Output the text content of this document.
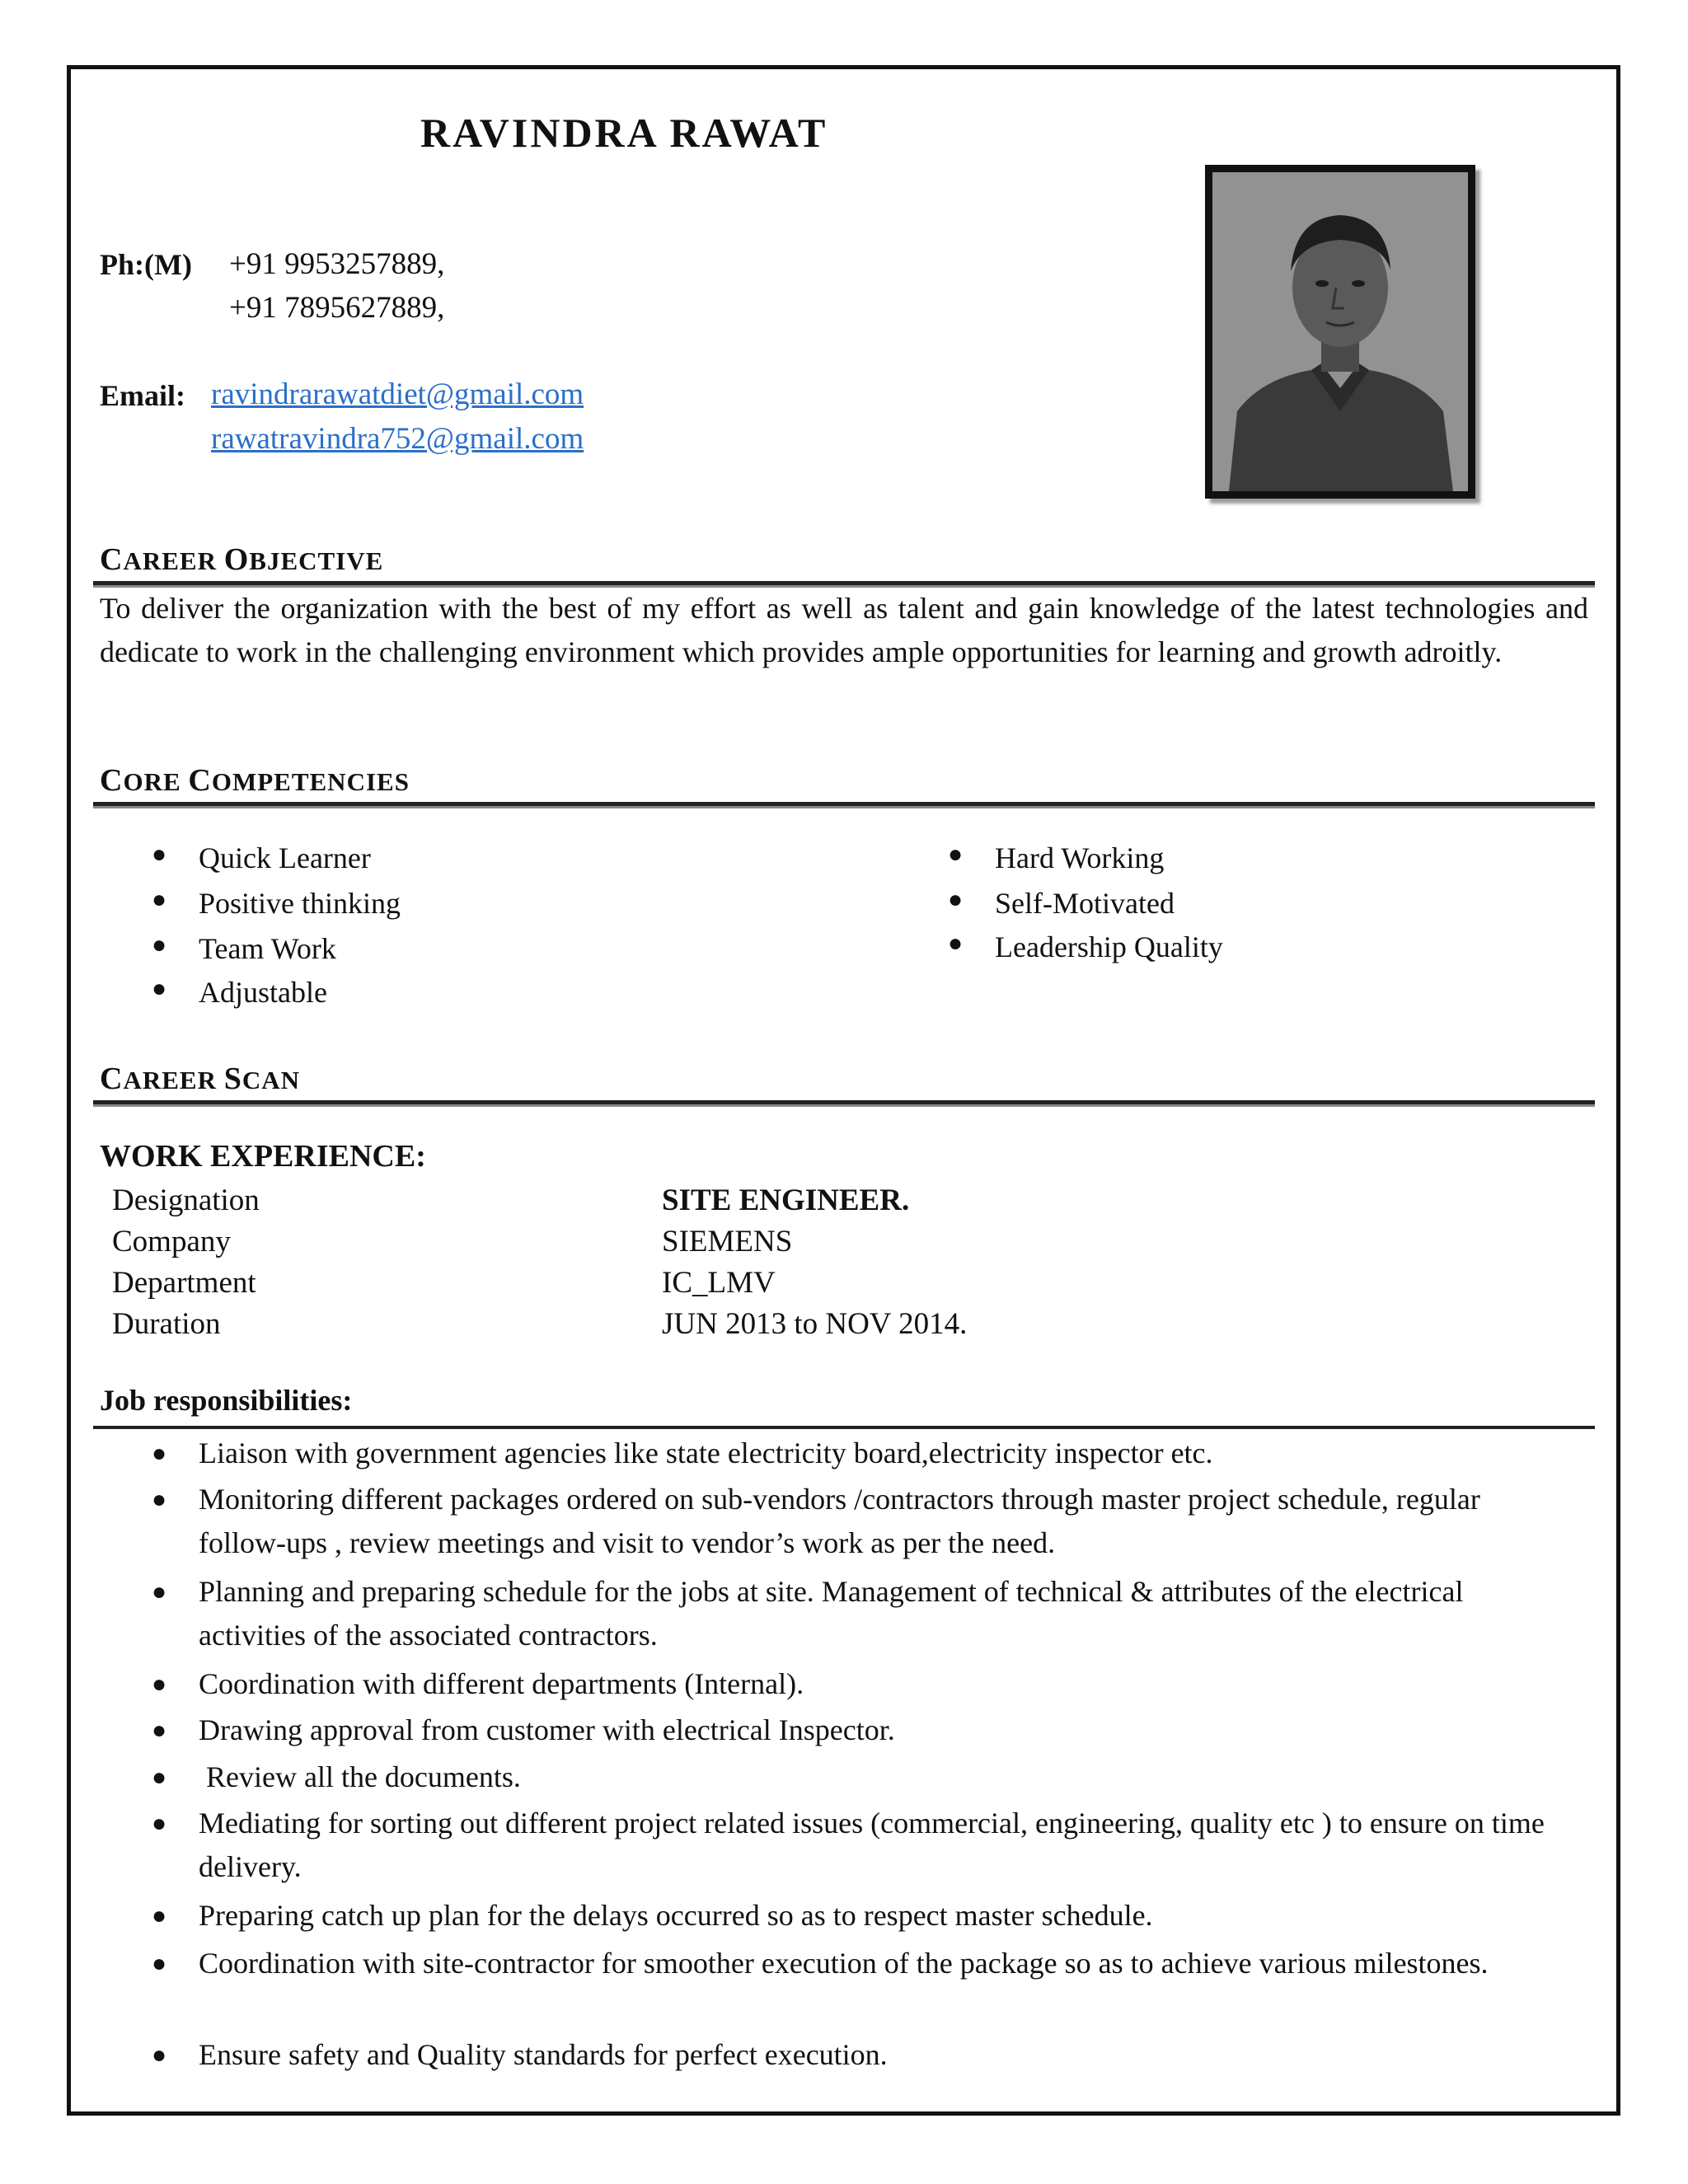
RAVINDRA RAWAT
Ph:(M) +91 9953257889,
+91 7895627889,
Email: ravindrarawatdiet@gmail.com
rawatravindra752@gmail.com
CAREER OBJECTIVE
To deliver the organization with the best of my effort as well as talent and gain knowledge of the latest technologies and dedicate to work in the challenging environment which provides ample opportunities for learning and growth adroitly.
CORE COMPETENCIES
● Quick Learner
● Positive thinking
● Team Work
● Adjustable
● Hard Working
● Self-Motivated
● Leadership Quality
CAREER SCAN
WORK EXPERIENCE:
Designation	SITE ENGINEER.
Company	SIEMENS
Department	IC_LMV
Duration	JUN 2013 to NOV 2014.
Job responsibilities:
● Liaison with government agencies like state electricity board,electricity inspector etc.
● Monitoring different packages ordered on sub-vendors /contractors through master project schedule, regular follow-ups , review meetings and visit to vendor’s work as per the need.
● Planning and preparing schedule for the jobs at site. Management of technical & attributes of the electrical activities of the associated contractors.
● Coordination with different departments (Internal).
● Drawing approval from customer with electrical Inspector.
● Review all the documents.
● Mediating for sorting out different project related issues (commercial, engineering, quality etc ) to ensure on time delivery.
● Preparing catch up plan for the delays occurred so as to respect master schedule.
● Coordination with site-contractor for smoother execution of the package so as to achieve various milestones.
● Ensure safety and Quality standards for perfect execution.
